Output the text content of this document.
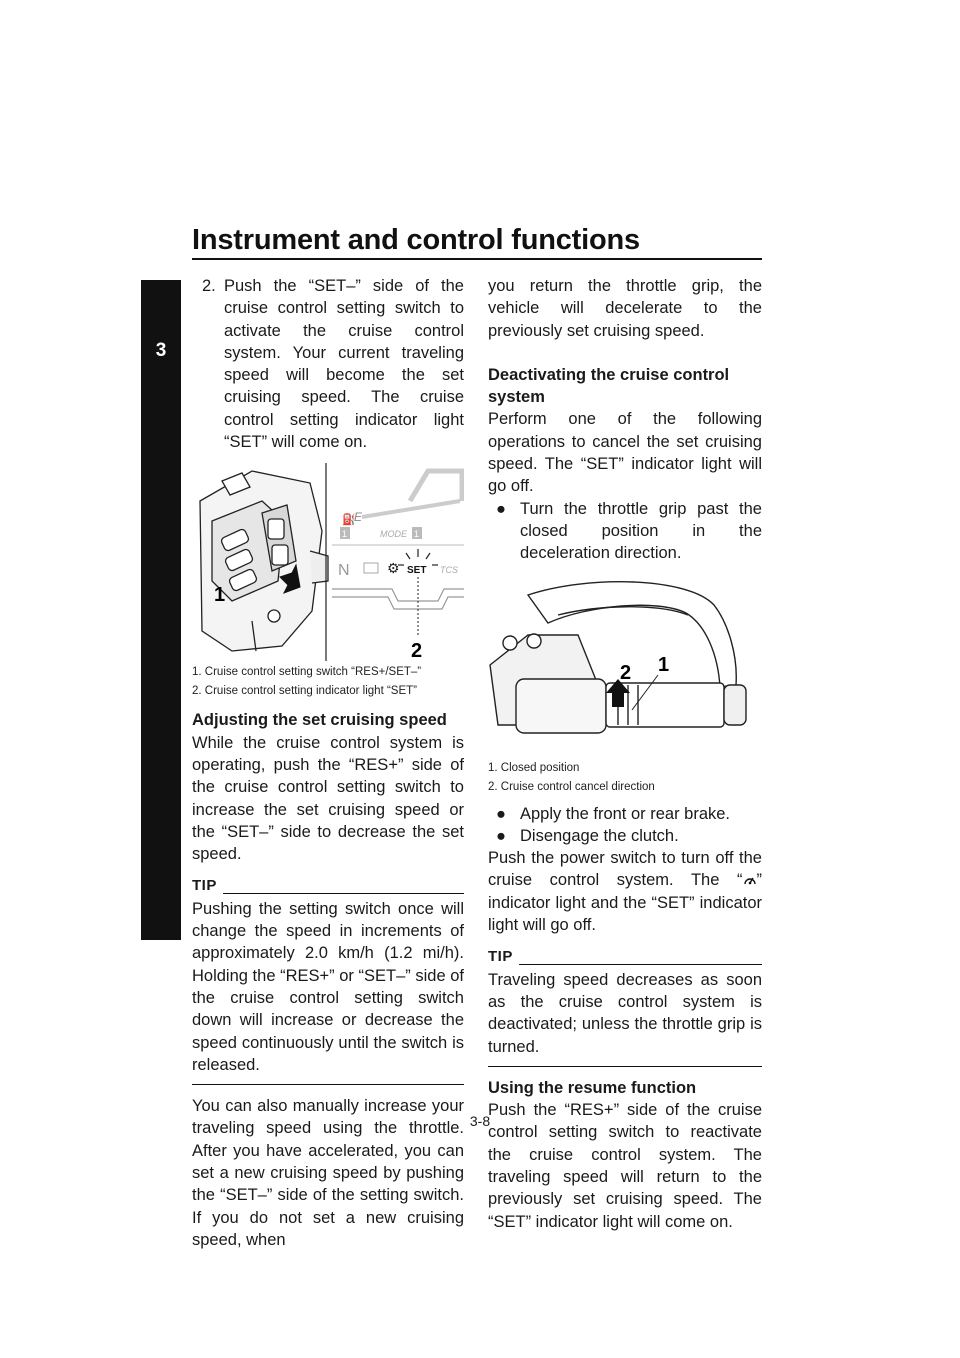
Instrument and control functions
3
2. Push the “SET–” side of the cruise control setting switch to activate the cruise control system. Your current traveling speed will become the set cruising speed. The cruise control setting indicator light “SET” will come on.
1
E
⛽
1	MODE 1
N	⚙ SET TCS
2

1. Cruise control setting switch “RES+/SET–”

2. Cruise control setting indicator light “SET”

Adjusting the set cruising speed

While the cruise control system is operating, push the “RES+” side of the cruise control setting switch to increase the set cruising speed or the “SET–” side to decrease the set speed.

TIP

Pushing the setting switch once will change the speed in increments of approximately 2.0 km/h (1.2 mi/h). Holding the “RES+” or “SET–” side of the cruise control setting switch down will increase or decrease the speed continuously until the switch is released.

You can also manually increase your traveling speed using the throttle. After you have accelerated, you can set a new cruising speed by pushing the “SET–” side of the setting switch. If you do not set a new cruising speed, when

you return the throttle grip, the vehicle will decelerate to the previously set cruising speed.

Deactivating the cruise control system

Perform one of the following operations to cancel the set cruising speed. The “SET” indicator light will go off.

● Turn the throttle grip past the closed position in the deceleration direction.
2 1

1. Closed position

2. Cruise control cancel direction

● Apply the front or rear brake.
● Disengage the clutch.

Push the power switch to turn off the cruise control system. The “ ” indicator light and the “SET” indicator light will go off.

TIP

Traveling speed decreases as soon as the cruise control system is deactivated; unless the throttle grip is turned.

Using the resume function

Push the “RES+” side of the cruise control setting switch to reactivate the cruise control system. The traveling speed will return to the previously set cruising speed. The “SET” indicator light will come on.

3-8
